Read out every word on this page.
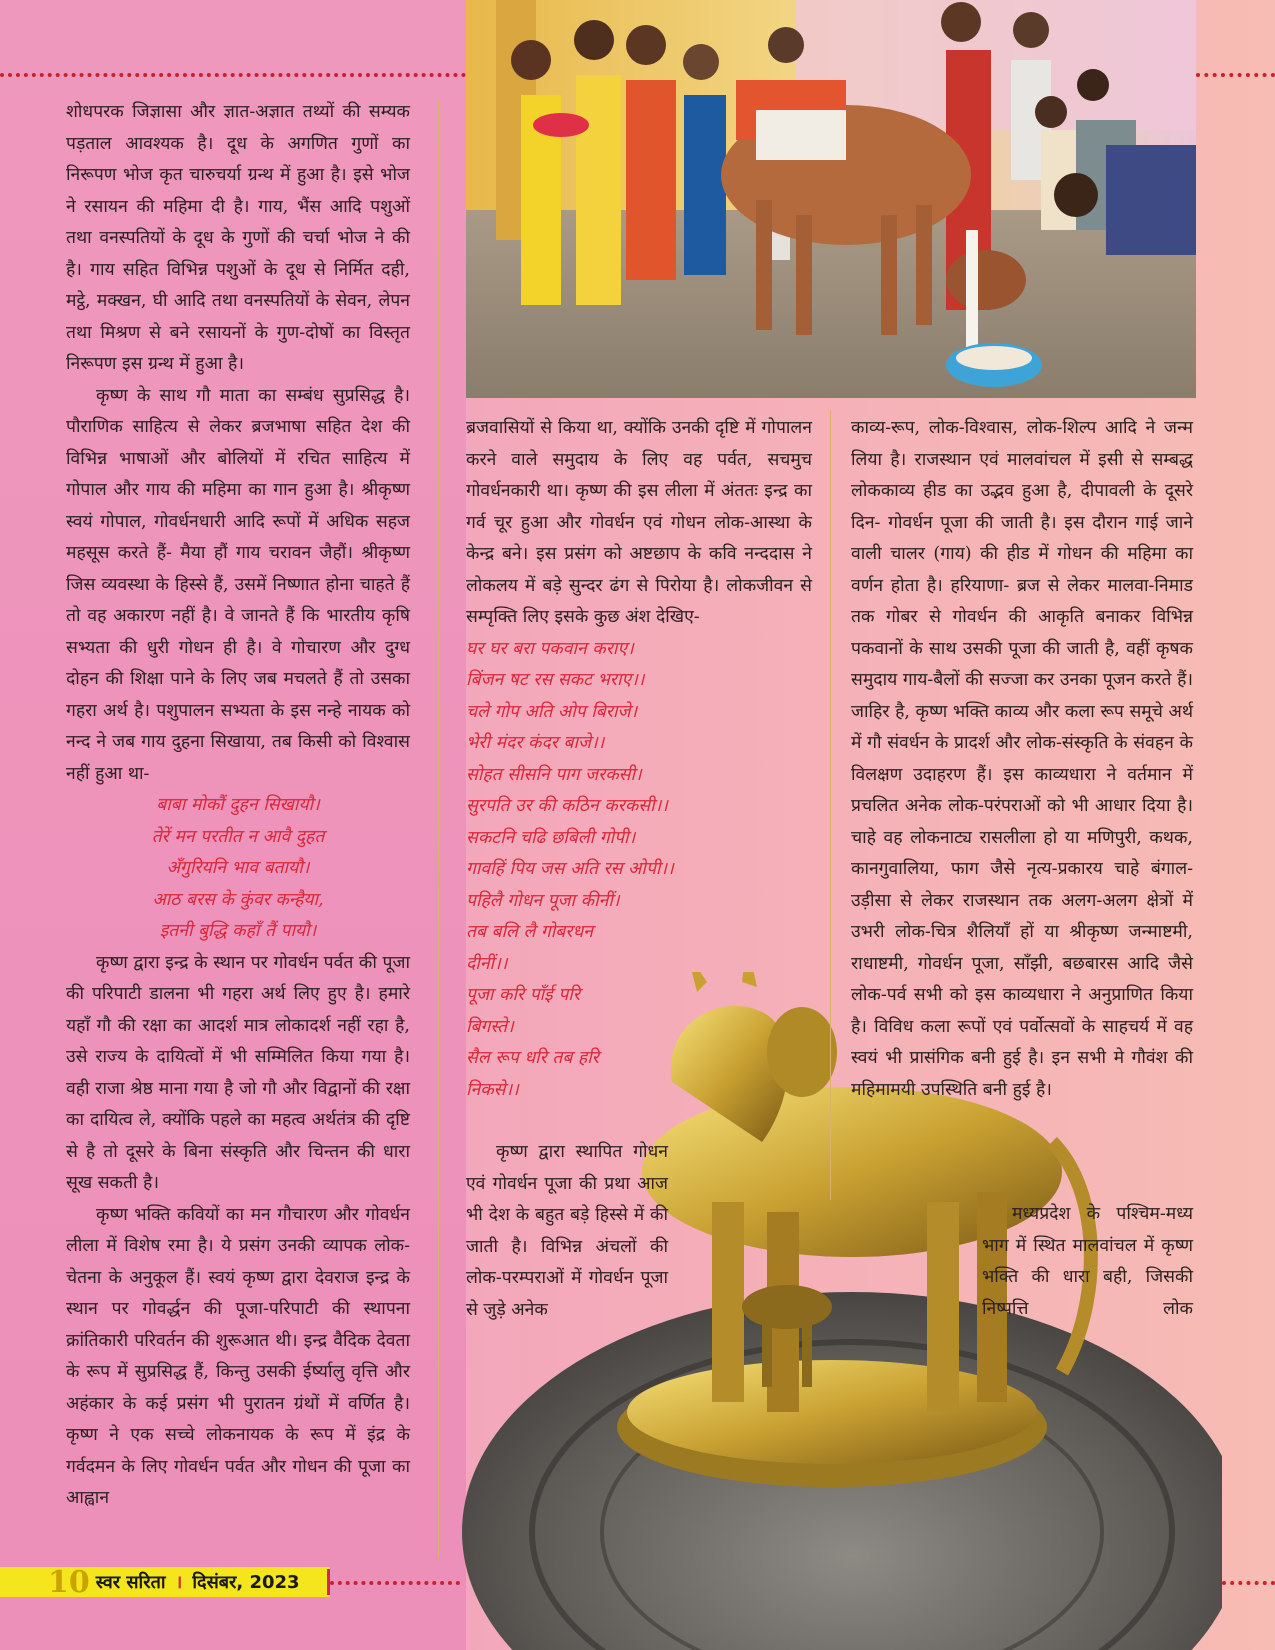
शोधपरक जिज्ञासा और ज्ञात-अज्ञात तथ्यों की सम्यक पड़ताल आवश्यक है। दूध के अगणित गुणों का निरूपण भोज कृत चारुचर्या ग्रन्थ में हुआ है। इसे भोज ने रसायन की महिमा दी है। गाय, भैंस आदि पशुओं तथा वनस्पतियों के दूध के गुणों की चर्चा भोज ने की है। गाय सहित विभिन्न पशुओं के दूध से निर्मित दही, मट्ठे, मक्खन, घी आदि तथा वनस्पतियों के सेवन, लेपन तथा मिश्रण से बने रसायनों के गुण-दोषों का विस्तृत निरूपण इस ग्रन्थ में हुआ है।

कृष्ण के साथ गौ माता का सम्बंध सुप्रसिद्ध है। पौराणिक साहित्य से लेकर ब्रजभाषा सहित देश की विभिन्न भाषाओं और बोलियों में रचित साहित्य में गोपाल और गाय की महिमा का गान हुआ है। श्रीकृष्ण स्वयं गोपाल, गोवर्धनधारी आदि रूपों में अधिक सहज महसूस करते हैं- मैया हौं गाय चरावन जैहौं। श्रीकृष्ण जिस व्यवस्था के हिस्से हैं, उसमें निष्णात होना चाहते हैं तो वह अकारण नहीं है। वे जानते हैं कि भारतीय कृषि सभ्यता की धुरी गोधन ही है। वे गोचारण और दुग्ध दोहन की शिक्षा पाने के लिए जब मचलते हैं तो उसका गहरा अर्थ है। पशुपालन सभ्यता के इस नन्हे नायक को नन्द ने जब गाय दुहना सिखाया, तब किसी को विश्वास नहीं हुआ था-

बाबा मोकौं दुहन सिखायौ।

तेरें मन परतीत न आवै दुहत

अँगुरियनि भाव बतायौ।

आठ बरस के कुंवर कन्हैया,

इतनी बुद्धि कहाँ तैं पायौ।

कृष्ण द्वारा इन्द्र के स्थान पर गोवर्धन पर्वत की पूजा की परिपाटी डालना भी गहरा अर्थ लिए हुए है। हमारे यहाँ गौ की रक्षा का आदर्श मात्र लोकादर्श नहीं रहा है, उसे राज्य के दायित्वों में भी सम्मिलित किया गया है। वही राजा श्रेष्ठ माना गया है जो गौ और विद्वानों की रक्षा का दायित्व ले, क्योंकि पहले का महत्व अर्थतंत्र की दृष्टि से है तो दूसरे के बिना संस्कृति और चिन्तन की धारा सूख सकती है।

कृष्ण भक्ति कवियों का मन गौचारण और गोवर्धन लीला में विशेष रमा है। ये प्रसंग उनकी व्यापक लोक-चेतना के अनुकूल हैं। स्वयं कृष्ण द्वारा देवराज इन्द्र के स्थान पर गोवर्द्धन की पूजा-परिपाटी की स्थापना क्रांतिकारी परिवर्तन की शुरूआत थी। इन्द्र वैदिक देवता के रूप में सुप्रसिद्ध हैं, किन्तु उसकी ईर्ष्यालु वृत्ति और अहंकार के कई प्रसंग भी पुरातन ग्रंथों में वर्णित है। कृष्ण ने एक सच्चे लोकनायक के रूप में इंद्र के गर्वदमन के लिए गोवर्धन पर्वत और गोधन की पूजा का आह्वान

ब्रजवासियों से किया था, क्योंकि उनकी दृष्टि में गोपालन करने वाले समुदाय के लिए वह पर्वत, सचमुच गोवर्धनकारी था। कृष्ण की इस लीला में अंततः इन्द्र का गर्व चूर हुआ और गोवर्धन एवं गोधन लोक-आस्था के केन्द्र बने। इस प्रसंग को अष्टछाप के कवि नन्ददास ने लोकलय में बड़े सुन्दर ढंग से पिरोया है। लोकजीवन से सम्पृक्ति लिए इसके कुछ अंश देखिए-

घर घर बरा पकवान कराए।

बिंजन षट रस सकट भराए।।

चले गोप अति ओप बिराजे।

भेरी मंदर कंदर बाजे।।

सोहत सीसनि पाग जरकसी।

सुरपति उर की कठिन करकसी।।

सकटनि चढि छबिली गोपी।

गावहिं पिय जस अति रस ओपी।।

पहिलै गोधन पूजा कीनीं।

तब बलि लै गोबरधन

दीनीं।।

पूजा करि पाँई परि

बिगस्ते।

सैल रूप धरि तब हरि

निकसे।।

कृष्ण द्वारा स्थापित गोधन एवं गोवर्धन पूजा की प्रथा आज भी देश के बहुत बड़े हिस्से में की जाती है। विभिन्न अंचलों की लोक-परम्पराओं में गोवर्धन पूजा से जुड़े अनेक

काव्य-रूप, लोक-विश्वास, लोक-शिल्प आदि ने जन्म लिया है। राजस्थान एवं मालवांचल में इसी से सम्बद्ध लोककाव्य हीड का उद्भव हुआ है, दीपावली के दूसरे दिन- गोवर्धन पूजा की जाती है। इस दौरान गाई जाने वाली चालर (गाय) की हीड में गोधन की महिमा का वर्णन होता है। हरियाणा- ब्रज से लेकर मालवा-निमाड तक गोबर से गोवर्धन की आकृति बनाकर विभिन्न पकवानों के साथ उसकी पूजा की जाती है, वहीं कृषक समुदाय गाय-बैलों की सज्जा कर उनका पूजन करते हैं। जाहिर है, कृष्ण भक्ति काव्य और कला रूप समूचे अर्थ में गौ संवर्धन के प्रादर्श और लोक-संस्कृति के संवहन के विलक्षण उदाहरण हैं। इस काव्यधारा ने वर्तमान में प्रचलित अनेक लोक-परंपराओं को भी आधार दिया है। चाहे वह लोकनाट्य रासलीला हो या मणिपुरी, कथक, कानगुवालिया, फाग जैसे नृत्य-प्रकारय चाहे बंगाल-उड़ीसा से लेकर राजस्थान तक अलग-अलग क्षेत्रों में उभरी लोक-चित्र शैलियाँ हों या श्रीकृष्ण जन्माष्टमी, राधाष्टमी, गोवर्धन पूजा, साँझी, बछबारस आदि जैसे लोक-पर्व सभी को इस काव्यधारा ने अनुप्राणित किया है। विविध कला रूपों एवं पर्वोत्सवों के साहचर्य में वह स्वयं भी प्रासंगिक बनी हुई है। इन सभी मे गौवंश की महिमामयी उपस्थिति बनी हुई है।

मध्यप्रदेश के पश्चिम-मध्य भाग में स्थित मालवांचल में कृष्ण भक्ति की धारा बही, जिसकी निष्पत्ति लोक

10 स्वर सरिता । दिसंबर, 2023
